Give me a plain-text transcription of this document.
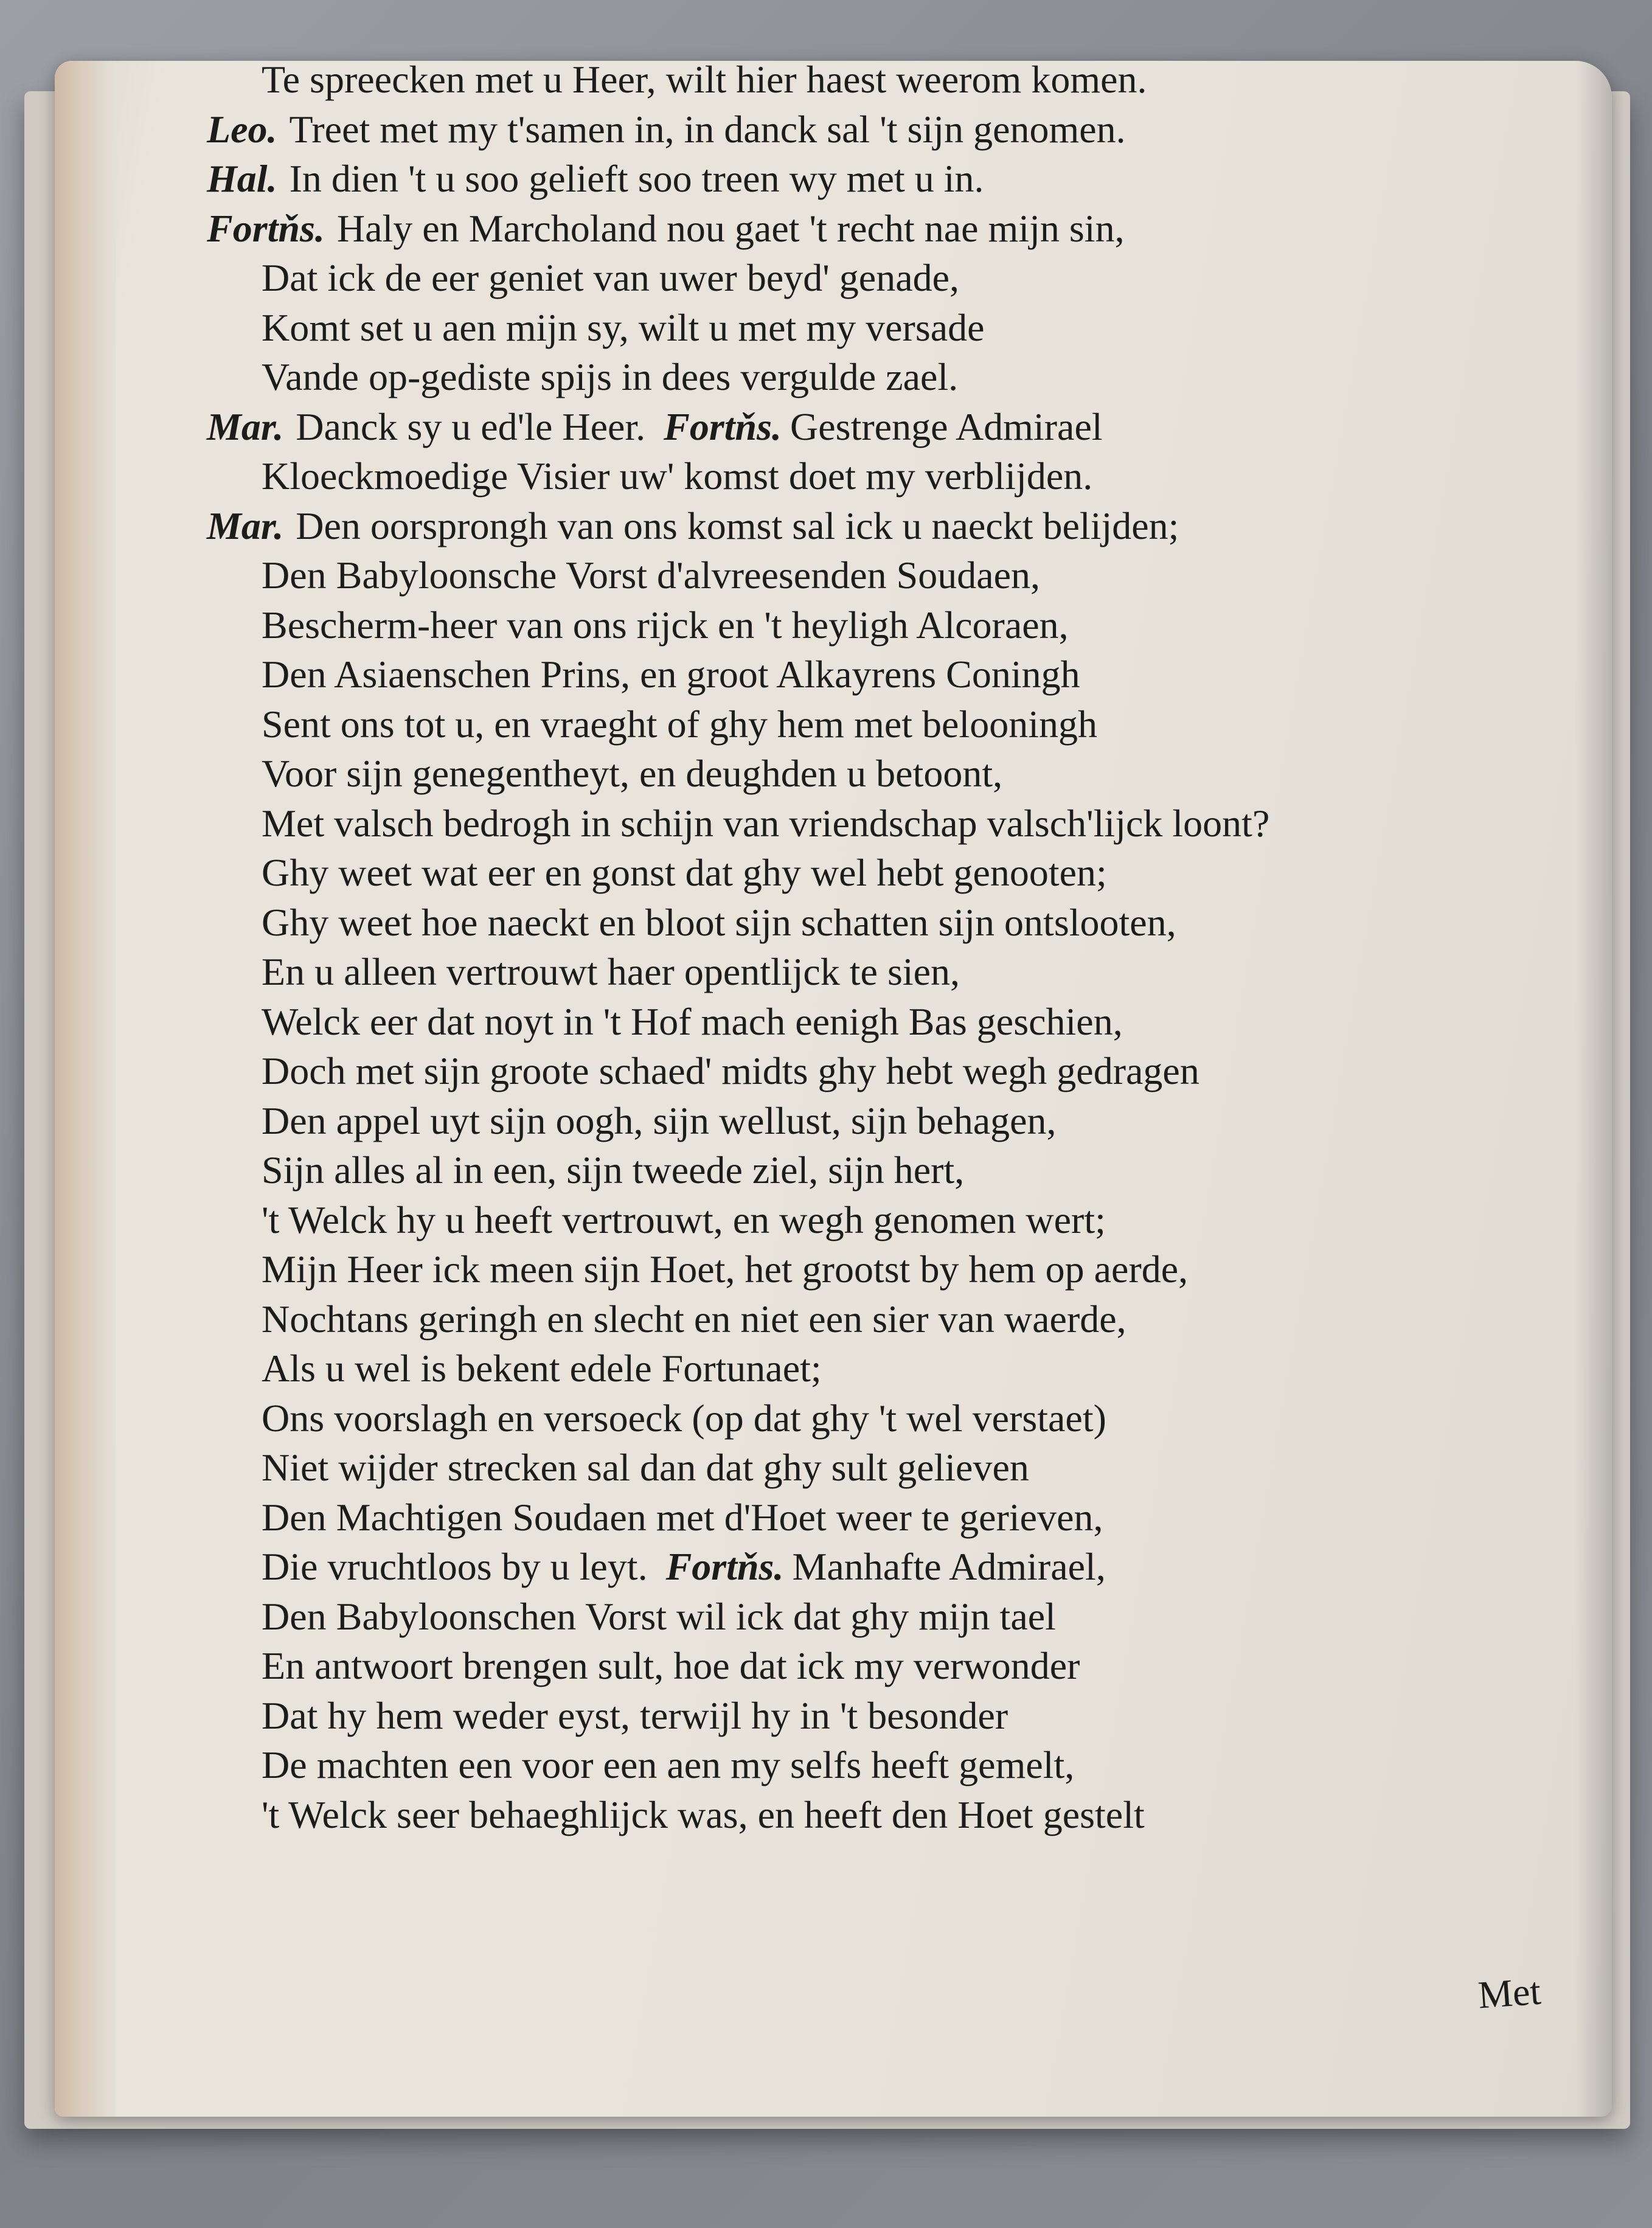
Te spreecken met u Heer, wilt hier haest weerom komen.
Leo. Treet met my t'samen in, in danck sal 't sijn genomen.
Hal. In dien 't u soo gelieft soo treen wy met u in.
Fortňs. Haly en Marcholand nou gaet 't recht nae mijn sin,
Dat ick de eer geniet van uwer beyd' genade,
Komt set u aen mijn sy, wilt u met my versade
Vande op-gediste spijs in dees vergulde zael.
Mar. Danck sy u ed'le Heer. Fortňs. Gestrenge Admirael
Kloeckmoedige Visier uw' komst doet my verblijden.
Mar. Den oorsprongh van ons komst sal ick u naeckt belijden;
Den Babyloonsche Vorst d'alvreesenden Soudaen,
Bescherm-heer van ons rijck en 't heyligh Alcoraen,
Den Asiaenschen Prins, en groot Alkayrens Coningh
Sent ons tot u, en vraeght of ghy hem met belooningh
Voor sijn genegentheyt, en deughden u betoont,
Met valsch bedrogh in schijn van vriendschap valsch'lijck loont?
Ghy weet wat eer en gonst dat ghy wel hebt genooten;
Ghy weet hoe naeckt en bloot sijn schatten sijn ontslooten,
En u alleen vertrouwt haer opentlijck te sien,
Welck eer dat noyt in 't Hof mach eenigh Bas geschien,
Doch met sijn groote schaed' midts ghy hebt wegh gedragen
Den appel uyt sijn oogh, sijn wellust, sijn behagen,
Sijn alles al in een, sijn tweede ziel, sijn hert,
't Welck hy u heeft vertrouwt, en wegh genomen wert;
Mijn Heer ick meen sijn Hoet, het grootst by hem op aerde,
Nochtans geringh en slecht en niet een sier van waerde,
Als u wel is bekent edele Fortunaet;
Ons voorslagh en versoeck (op dat ghy 't wel verstaet)
Niet wijder strecken sal dan dat ghy sult gelieven
Den Machtigen Soudaen met d'Hoet weer te gerieven,
Die vruchtloos by u leyt. Fortňs. Manhafte Admirael,
Den Babyloonschen Vorst wil ick dat ghy mijn tael
En antwoort brengen sult, hoe dat ick my verwonder
Dat hy hem weder eyst, terwijl hy in 't besonder
De machten een voor een aen my selfs heeft gemelt,
't Welck seer behaeghlijck was, en heeft den Hoet gestelt
Met
